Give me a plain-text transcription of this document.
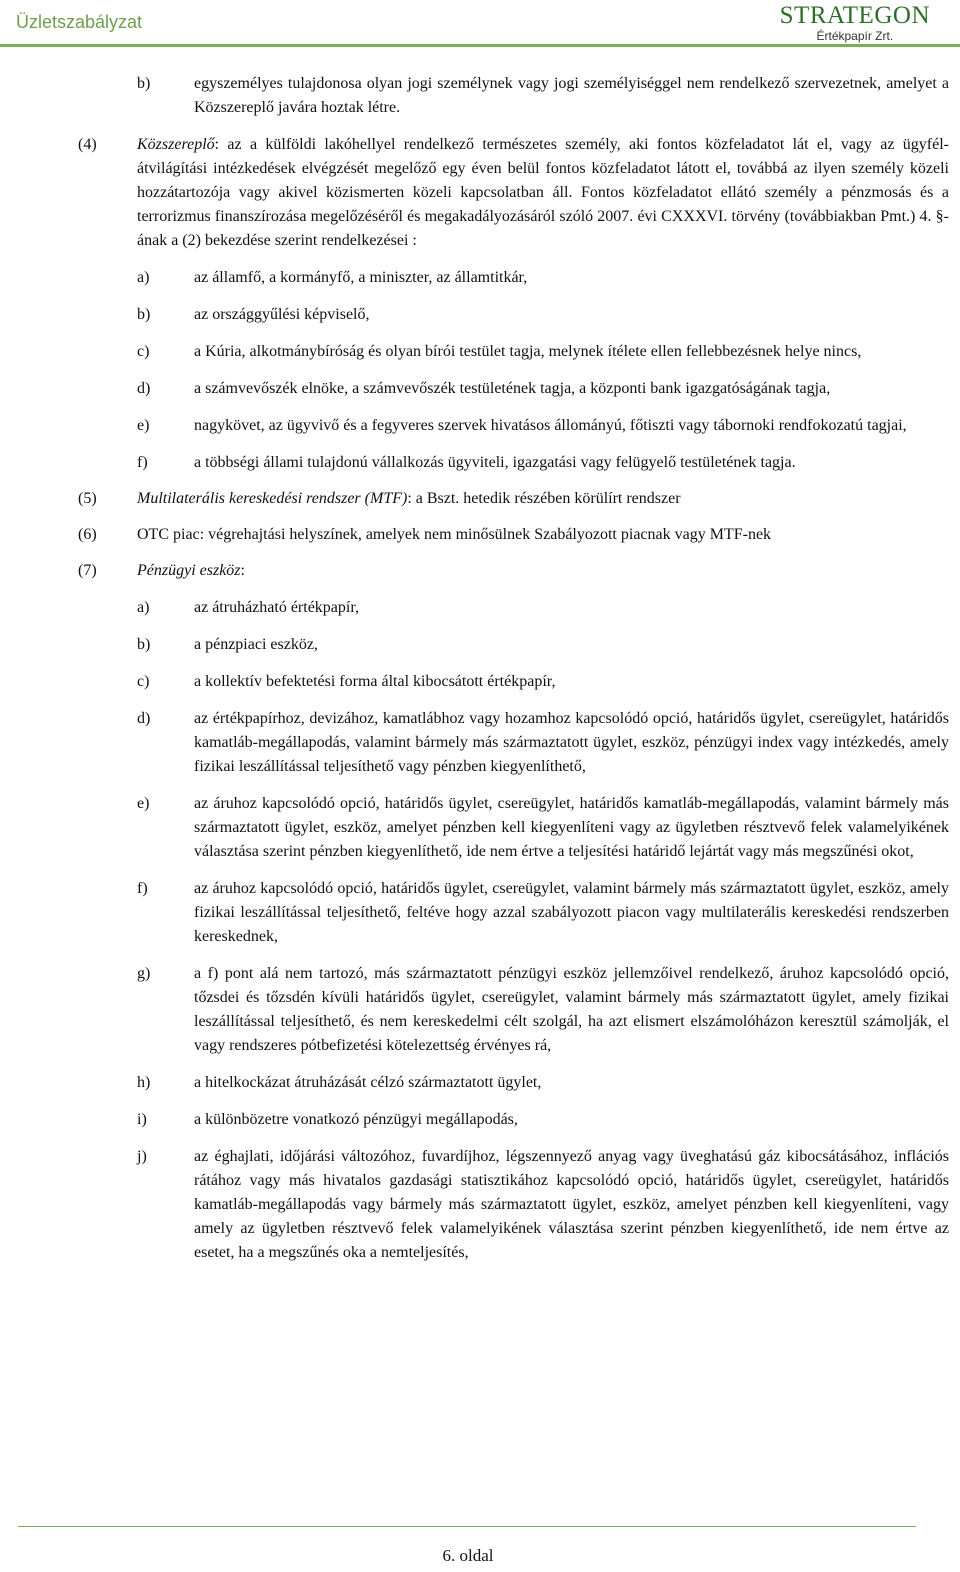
Üzletszabályzat	STRATEGON
Értékpapír Zrt.
b)	egyszemélyes tulajdonosa olyan jogi személynek vagy jogi személyiséggel nem rendelkező szervezetnek, amelyet a Közszereplő javára hoztak létre.
(4)	Közszereplő: az a külföldi lakóhellyel rendelkező természetes személy, aki fontos közfeladatot lát el, vagy az ügyfél-átvilágítási intézkedések elvégzését megelőző egy éven belül fontos közfeladatot látott el, továbbá az ilyen személy közeli hozzátartozója vagy akivel közismerten közeli kapcsolatban áll. Fontos közfeladatot ellátó személy a pénzmosás és a terrorizmus finanszírozása megelőzéséről és megakadályozásáról szóló 2007. évi CXXXVI. törvény (továbbiakban Pmt.) 4. §-ának a (2) bekezdése szerint rendelkezései :
a)	az államfő, a kormányfő, a miniszter, az államtitkár,
b)	az országgyűlési képviselő,
c)	a Kúria, alkotmánybíróság és olyan bírói testület tagja, melynek ítélete ellen fellebbezésnek helye nincs,
d)	a számvevőszék elnöke, a számvevőszék testületének tagja, a központi bank igazgatóságának tagja,
e)	nagykövet, az ügyvivő és a fegyveres szervek hivatásos állományú, főtiszti vagy tábornoki rendfokozatú tagjai,
f)	a többségi állami tulajdonú vállalkozás ügyviteli, igazgatási vagy felügyelő testületének tagja.
(5)	Multilaterális kereskedési rendszer (MTF): a Bszt. hetedik részében körülírt rendszer
(6)	OTC piac: végrehajtási helyszínek, amelyek nem minősülnek Szabályozott piacnak vagy MTF-nek
(7)	Pénzügyi eszköz:
a)	az átruházható értékpapír,
b)	a pénzpiaci eszköz,
c)	a kollektív befektetési forma által kibocsátott értékpapír,
d)	az értékpapírhoz, devizához, kamatlábhoz vagy hozamhoz kapcsolódó opció, határidős ügylet, csereügylet, határidős kamatláb-megállapodás, valamint bármely más származtatott ügylet, eszköz, pénzügyi index vagy intézkedés, amely fizikai leszállítással teljesíthető vagy pénzben kiegyenlíthető,
e)	az áruhoz kapcsolódó opció, határidős ügylet, csereügylet, határidős kamatláb-megállapodás, valamint bármely más származtatott ügylet, eszköz, amelyet pénzben kell kiegyenlíteni vagy az ügyletben résztvevő felek valamelyikének választása szerint pénzben kiegyenlíthető, ide nem értve a teljesítési határidő lejártát vagy más megszűnési okot,
f)	az áruhoz kapcsolódó opció, határidős ügylet, csereügylet, valamint bármely más származtatott ügylet, eszköz, amely fizikai leszállítással teljesíthető, feltéve hogy azzal szabályozott piacon vagy multilaterális kereskedési rendszerben kereskednek,
g)	a f) pont alá nem tartozó, más származtatott pénzügyi eszköz jellemzőivel rendelkező, áruhoz kapcsolódó opció, tőzsdei és tőzsdén kívüli határidős ügylet, csereügylet, valamint bármely más származtatott ügylet, amely fizikai leszállítással teljesíthető, és nem kereskedelmi célt szolgál, ha azt elismert elszámolóházon keresztül számolják, el vagy rendszeres pótbefizetési kötelezettség érvényes rá,
h)	a hitelkockázat átruházását célzó származtatott ügylet,
i)	a különbözetre vonatkozó pénzügyi megállapodás,
j)	az éghajlati, időjárási változóhoz, fuvardíjhoz, légszennyező anyag vagy üveghatású gáz kibocsátásához, inflációs rátához vagy más hivatalos gazdasági statisztikához kapcsolódó opció, határidős ügylet, csereügylet, határidős kamatláb-megállapodás vagy bármely más származtatott ügylet, eszköz, amelyet pénzben kell kiegyenlíteni, vagy amely az ügyletben résztvevő felek valamelyikének választása szerint pénzben kiegyenlíthető, ide nem értve az esetet, ha a megszűnés oka a nemteljesítés,
6. oldal
